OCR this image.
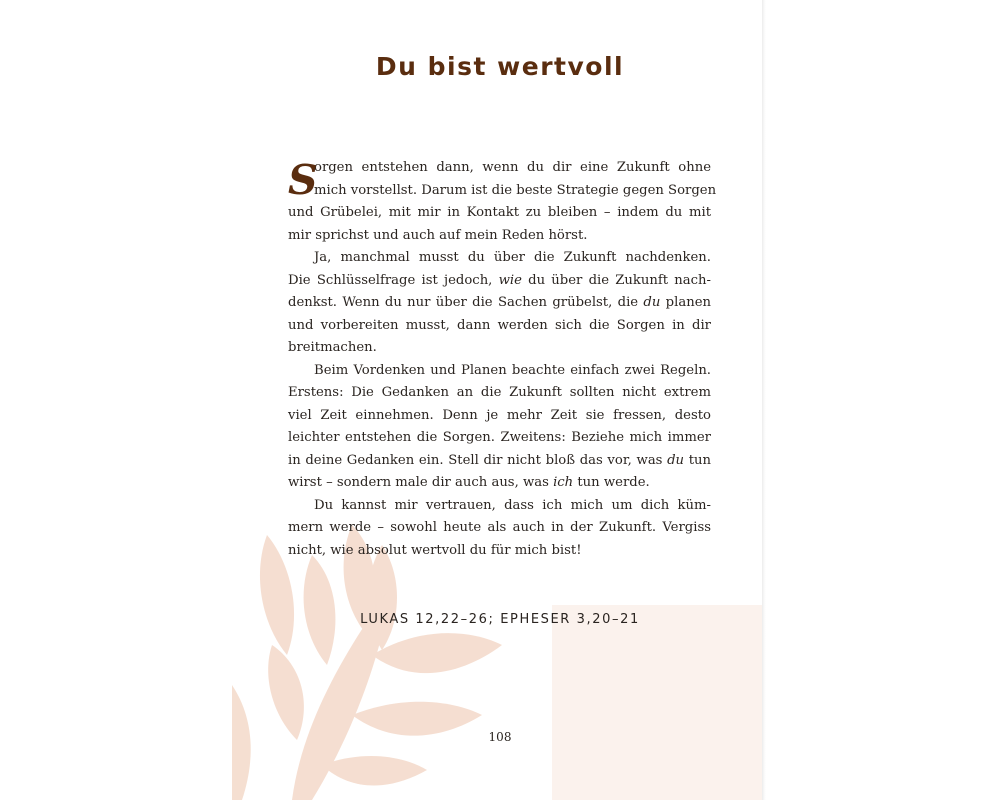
Du bist wertvoll
S
orgen entstehen dann, wenn du dir eine Zukunft ohne
mich vorstellst. Darum ist die beste Strategie gegen Sorgen
und Grübelei, mit mir in Kontakt zu bleiben – indem du mit
mir sprichst und auch auf mein Reden hörst.
Ja, manchmal musst du über die Zukunft nachdenken.
Die Schlüsselfrage ist jedoch, wie du über die Zukunft nach-
denkst. Wenn du nur über die Sachen grübelst, die du planen
und vorbereiten musst, dann werden sich die Sorgen in dir
breitmachen.
Beim Vordenken und Planen beachte einfach zwei Regeln.
Erstens: Die Gedanken an die Zukunft sollten nicht extrem
viel Zeit einnehmen. Denn je mehr Zeit sie fressen, desto
leichter entstehen die Sorgen. Zweitens: Beziehe mich immer
in deine Gedanken ein. Stell dir nicht bloß das vor, was du tun
wirst – sondern male dir auch aus, was ich tun werde.
Du kannst mir vertrauen, dass ich mich um dich küm-
mern werde – sowohl heute als auch in der Zukunft. Vergiss
nicht, wie absolut wertvoll du für mich bist!
LUKAS 12,22–26; EPHESER 3,20–21
108
